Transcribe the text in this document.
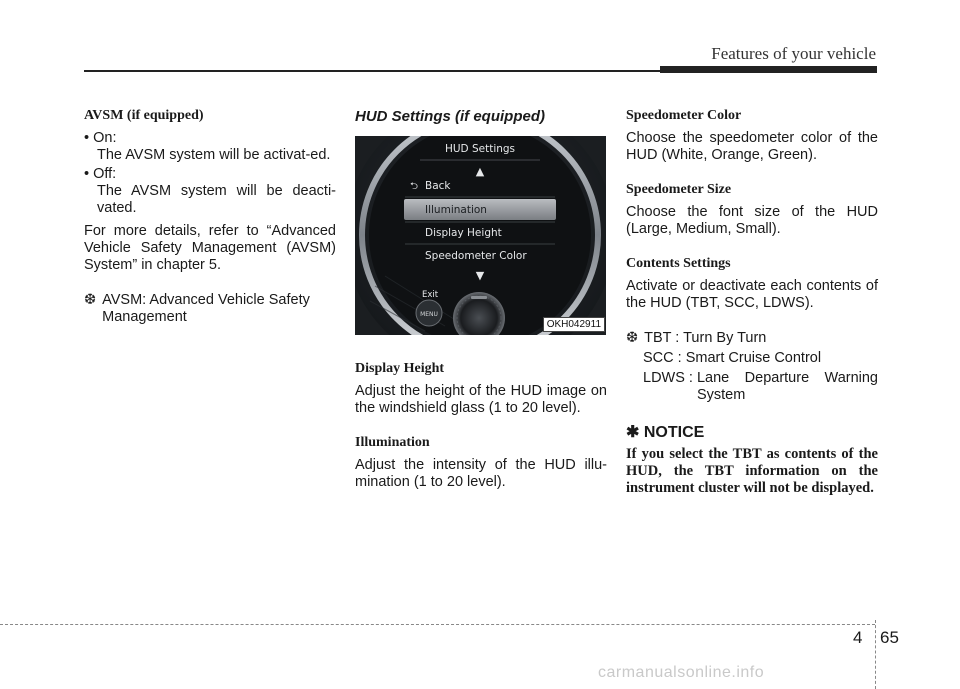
Features of your vehicle
AVSM (if equipped)
• On:
The AVSM system will be activat-ed.
• Off:
The AVSM system will be deacti-vated.
For more details, refer to “Advanced Vehicle Safety Management (AVSM) System” in chapter 5.
❆ AVSM: Advanced Vehicle Safety Management
HUD Settings (if equipped)
HUD Settings
▲
⮌ Back
Illumination
Display Height
Speedometer Color
▼
Exit
MENU
OKH042911
Display Height
Adjust the height of the HUD image on the windshield glass (1 to 20 level).
Illumination
Adjust the intensity of the HUD illu-mination (1 to 20 level).
Speedometer Color
Choose the speedometer color of the HUD (White, Orange, Green).
Speedometer Size
Choose the font size of the HUD (Large, Medium, Small).
Contents Settings
Activate or deactivate each contents of the HUD (TBT, SCC, LDWS).
❆ TBT : Turn By Turn
SCC : Smart Cruise Control
LDWS : Lane Departure Warning System
✱ NOTICE
If you select the TBT as contents of the HUD, the TBT information on the instrument cluster will not be displayed.
4 65
carmanualsonline.info
